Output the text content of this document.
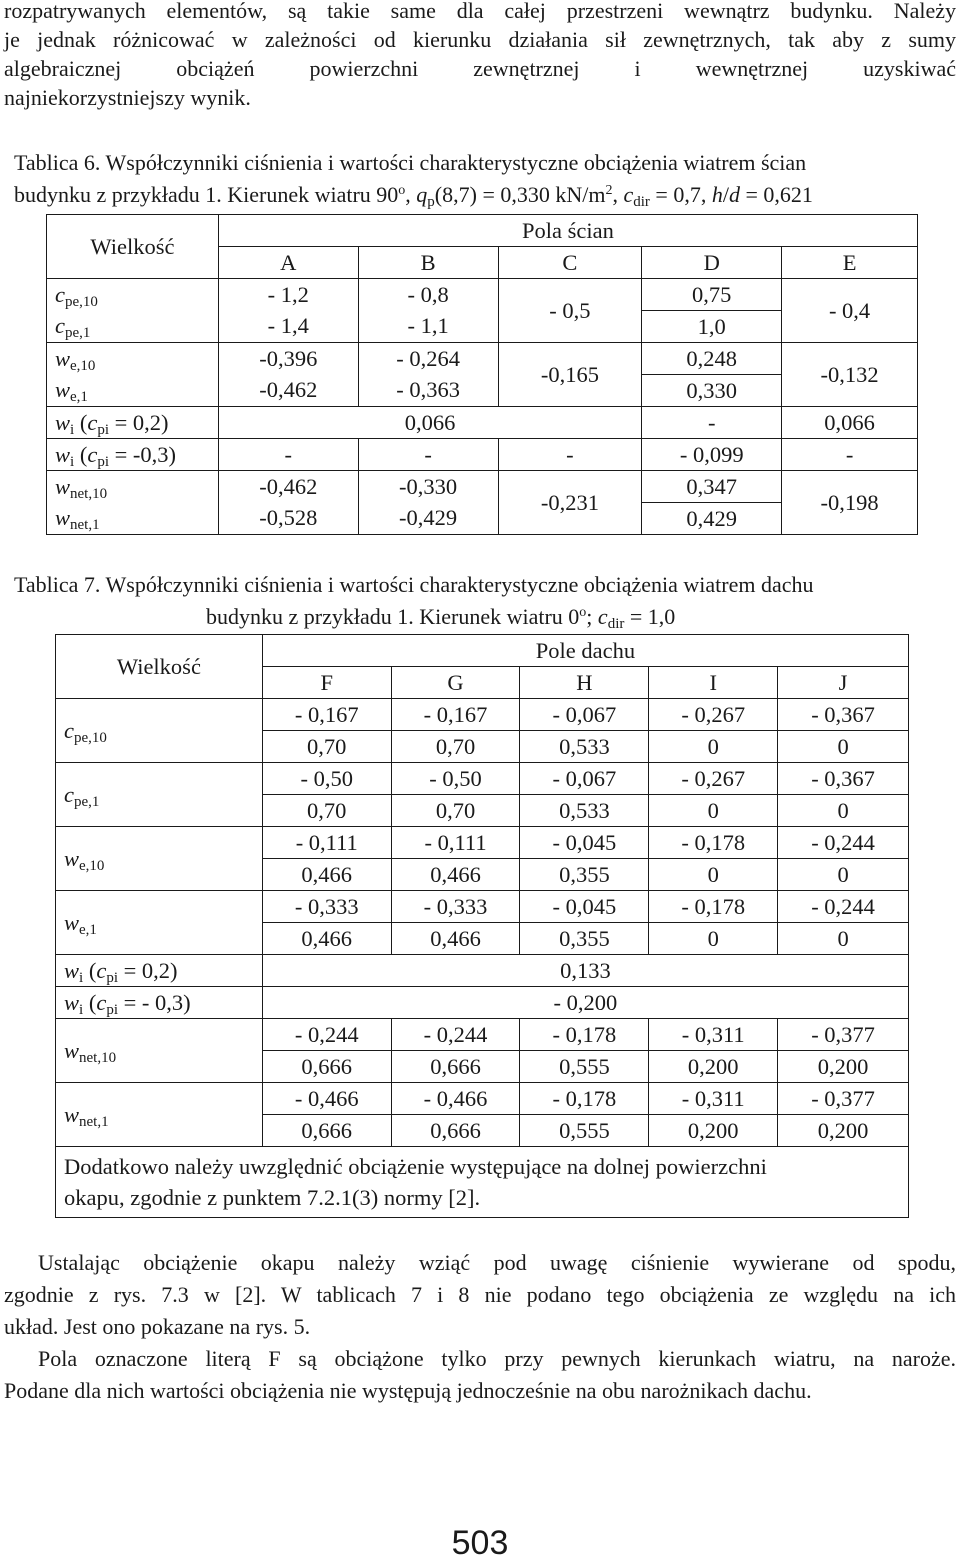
rozpatrywanych elementów, są takie same dla całej przestrzeni wewnątrz budynku. Należy
je jednak różnicować w zależności od kierunku działania sił zewnętrznych, tak aby z sumy
algebraicznej obciążeń powierzchni zewnętrznej i wewnętrznej uzyskiwać
najniekorzystniejszy wynik.
Tablica 6. Współczynniki ciśnienia i wartości charakterystyczne obciążenia wiatrem ścian
budynku z przykładu 1. Kierunek wiatru 90$^o$, $q_p(8,7) = 0,330$ $kN/m^2$, $c_{dir} = 0,7$, h/d = 0,621
Wielkość	Pola ścian				
	A	B	C	D	E
$c_{pe,10}$	- 1,2	- 0,8	- 0,5	0,75	- 0,4
$c_{pe,1}$	- 1,4	- 1,1		1,0	
$w_{e,10}$	-0,396	- 0,264	-0,165	0,248	-0,132
$w_{e,1}$	-0,462	- 0,363		0,330	
$w_i$ $(c_{pi} = 0,2)$	0,066			-	0,066
$w_i$ $(c_{pi} = -0,3)$	-	-	-	- 0,099	-
$w_{net,10}$	-0,462	-0,330	-0,231	0,347	-0,198
$w_{net,1}$	-0,528	-0,429		0,429	
Tablica 7. Współczynniki ciśnienia i wartości charakterystyczne obciążenia wiatrem dachu
budynku z przykładu 1. Kierunek wiatru 0$^o$; $c_{dir} = 1,0$
Wielkość	Pole dachu				
	F	G	H	I	J
$c_{pe,10}$	- 0,167	- 0,167	- 0,067	- 0,267	- 0,367
	0,70	0,70	0,533	0	0
$c_{pe,1}$	- 0,50	- 0,50	- 0,067	- 0,267	- 0,367
	0,70	0,70	0,533	0	0
$w_{e,10}$	- 0,111	- 0,111	- 0,045	- 0,178	- 0,244
	0,466	0,466	0,355	0	0
$w_{e,1}$	- 0,333	- 0,333	- 0,045	- 0,178	- 0,244
	0,466	0,466	0,355	0	0
$w_i$ $(c_{pi} = 0,2)$	0,133				
$w_i$ ($c_{pi}$ = - 0,3)	- 0,200				
$w_{net,10}$	- 0,244	- 0,244	- 0,178	- 0,311	- 0,377
	0,666	0,666	0,555	0,200	0,200
$w_{net,1}$	- 0,466	- 0,466	- 0,178	- 0,311	- 0,377
	0,666	0,666	0,555	0,200	0,200

Dodatkowo należy uwzględnić obciążenie występujące na dolnej powierzchni
okapu, zgodnie z punktem 7.2.1(3) normy [2].					
Ustalając obciążenie okapu należy wziąć pod uwagę ciśnienie wywierane od spodu,
zgodnie z rys. 7.3 w [2]. W tablicach 7 i 8 nie podano tego obciążenia ze względu na ich
układ. Jest ono pokazane na rys. 5.
Pola oznaczone literą F są obciążone tylko przy pewnych kierunkach wiatru, na naroże.
Podane dla nich wartości obciążenia nie występują jednocześnie na obu narożnikach dachu.
503
